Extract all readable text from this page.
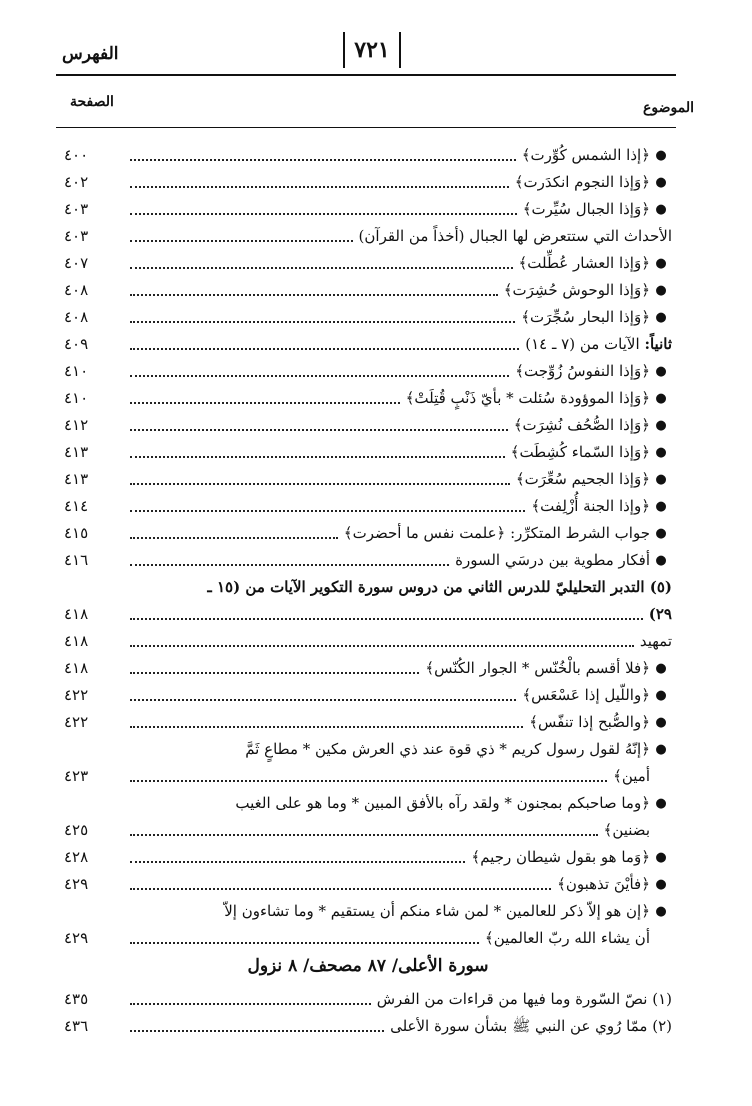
الفهرس	٧٢١
الموضوع
الصفحة
●
﴿إذا الشمس كُوِّرت﴾
٤٠٠
●
﴿وَإذا النجوم انكدَرت﴾
٤٠٢
●
﴿وَإذا الجبال سُيِّرت﴾
٤٠٣
الأحداث التي ستتعرض لها الجبال (أخذاً من القرآن)
٤٠٣
●
﴿وَإذا العشار عُطِّلت﴾
٤٠٧
●
﴿وَإذا الوحوش حُشِرَت﴾
٤٠٨
●
﴿وَإذا البحار سُجِّرَت﴾
٤٠٨
ثانياً: الآيات من (٧ ـ ١٤)
٤٠٩
●
﴿وَإذا النفوسُ زُوِّجت﴾
٤١٠
●
﴿وَإذا الموؤودة سُئلت * بأيّ ذَنْبٍ قُتِلَتْ﴾
٤١٠
●
﴿وَإذا الصُّحُف نُشِرَت﴾
٤١٢
●
﴿وَإذا السّماء كُشِطَت﴾
٤١٣
●
﴿وَإذا الجحيم سُعِّرَت﴾
٤١٣
●
﴿وإذا الجنة أُزْلِفت﴾
٤١٤
●
جواب الشرط المتكرِّر: ﴿علمت نفس ما أحضرت﴾
٤١٥
●
أفكار مطوية بين درسَي السورة
٤١٦
(٥) التدبر التحليليّ للدرس الثاني من دروس سورة التكوير الآيات من (١٥ ـ
٢٩)
٤١٨
تمهيد
٤١٨
●
﴿فلا أقسم بالْخُنّس * الجوار الكُنّس﴾
٤١٨
●
﴿واللّيل إذا عَسْعَس﴾
٤٢٢
●
﴿والصُّبح إذا تنفّس﴾
٤٢٢
●
﴿إنّهُ لقول رسول كريم * ذي قوة عند ذي العرش مكين * مطاعٍ ثَمَّ
أمين﴾
٤٢٣
●
﴿وما صاحبكم بمجنون * ولقد رآه بالأفق المبين * وما هو على الغيب
بضنين﴾
٤٢٥
●
﴿وَما هو بقول شيطان رجيم﴾
٤٢٨
●
﴿فأيْنَ تذهبون﴾
٤٢٩
●
﴿إن هو إلاّ ذكر للعالمين * لمن شاء منكم أن يستقيم * وما تشاءون إلاّ
أن يشاء الله ربّ العالمين﴾
٤٢٩
سورة الأعلى/ ٨٧ مصحف/ ٨ نزول
(١) نصّ السّورة وما فيها من قراءات من الفرش
٤٣٥
(٢) ممّا رُوي عن النبي ﷺ بشأن سورة الأعلى
٤٣٦
